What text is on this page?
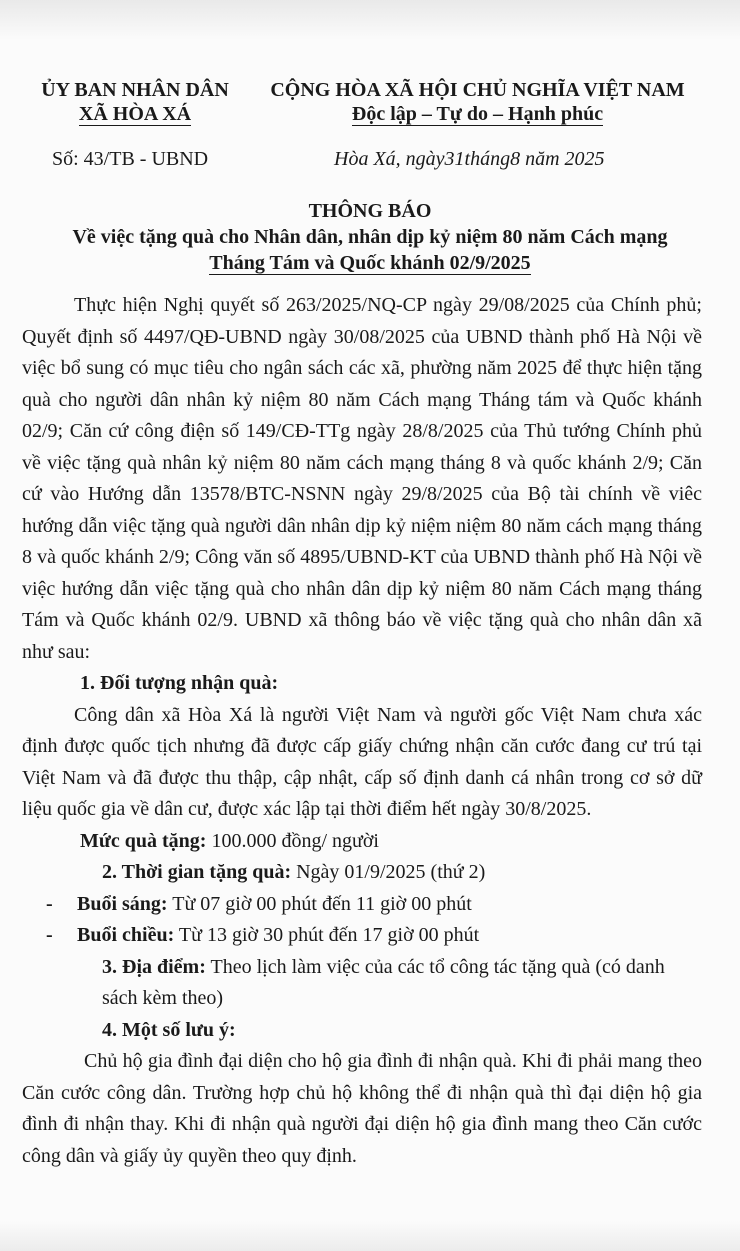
ỦY BAN NHÂN DÂN
XÃ HÒA XÁ
CỘNG HÒA XÃ HỘI CHỦ NGHĨA VIỆT NAM
Độc lập – Tự do – Hạnh phúc
Số: 43/TB - UBND	Hòa Xá, ngày31tháng8 năm 2025
THÔNG BÁO
Về việc tặng quà cho Nhân dân, nhân dịp kỷ niệm 80 năm Cách mạng
Tháng Tám và Quốc khánh 02/9/2025

Thực hiện Nghị quyết số 263/2025/NQ-CP ngày 29/08/2025 của Chính phủ; Quyết định số 4497/QĐ-UBND ngày 30/08/2025 của UBND thành phố Hà Nội về việc bổ sung có mục tiêu cho ngân sách các xã, phường năm 2025 để thực hiện tặng quà cho người dân nhân kỷ niệm 80 năm Cách mạng Tháng tám và Quốc khánh 02/9; Căn cứ công điện số 149/CĐ-TTg ngày 28/8/2025 của Thủ tướng Chính phủ về việc tặng quà nhân kỷ niệm 80 năm cách mạng tháng 8 và quốc khánh 2/9; Căn cứ vào Hướng dẫn 13578/BTC-NSNN ngày 29/8/2025 của Bộ tài chính về viêc hướng dẫn việc tặng quà người dân nhân dịp kỷ niệm niệm 80 năm cách mạng tháng 8 và quốc khánh 2/9; Công văn số 4895/UBND-KT của UBND thành phố Hà Nội về việc hướng dẫn việc tặng quà cho nhân dân dịp kỷ niệm 80 năm Cách mạng tháng Tám và Quốc khánh 02/9. UBND xã thông báo về việc tặng quà cho nhân dân xã như sau:

1. Đối tượng nhận quà:

Công dân xã Hòa Xá là người Việt Nam và người gốc Việt Nam chưa xác định được quốc tịch nhưng đã được cấp giấy chứng nhận căn cước đang cư trú tại Việt Nam và đã được thu thập, cập nhật, cấp số định danh cá nhân trong cơ sở dữ liệu quốc gia về dân cư, được xác lập tại thời điểm hết ngày 30/8/2025.

Mức quà tặng: 100.000 đồng/ người

2. Thời gian tặng quà: Ngày 01/9/2025 (thứ 2)

-	Buổi sáng: Từ 07 giờ 00 phút đến 11 giờ 00 phút
-	Buổi chiều: Từ 13 giờ 30 phút đến 17 giờ 00 phút

3. Địa điểm: Theo lịch làm việc của các tổ công tác tặng quà (có danh sách kèm theo)

4. Một số lưu ý:

Chủ hộ gia đình đại diện cho hộ gia đình đi nhận quà. Khi đi phải mang theo Căn cước công dân. Trường hợp chủ hộ không thể đi nhận quà thì đại diện hộ gia đình đi nhận thay. Khi đi nhận quà người đại diện hộ gia đình mang theo Căn cước công dân và giấy ủy quyền theo quy định.
